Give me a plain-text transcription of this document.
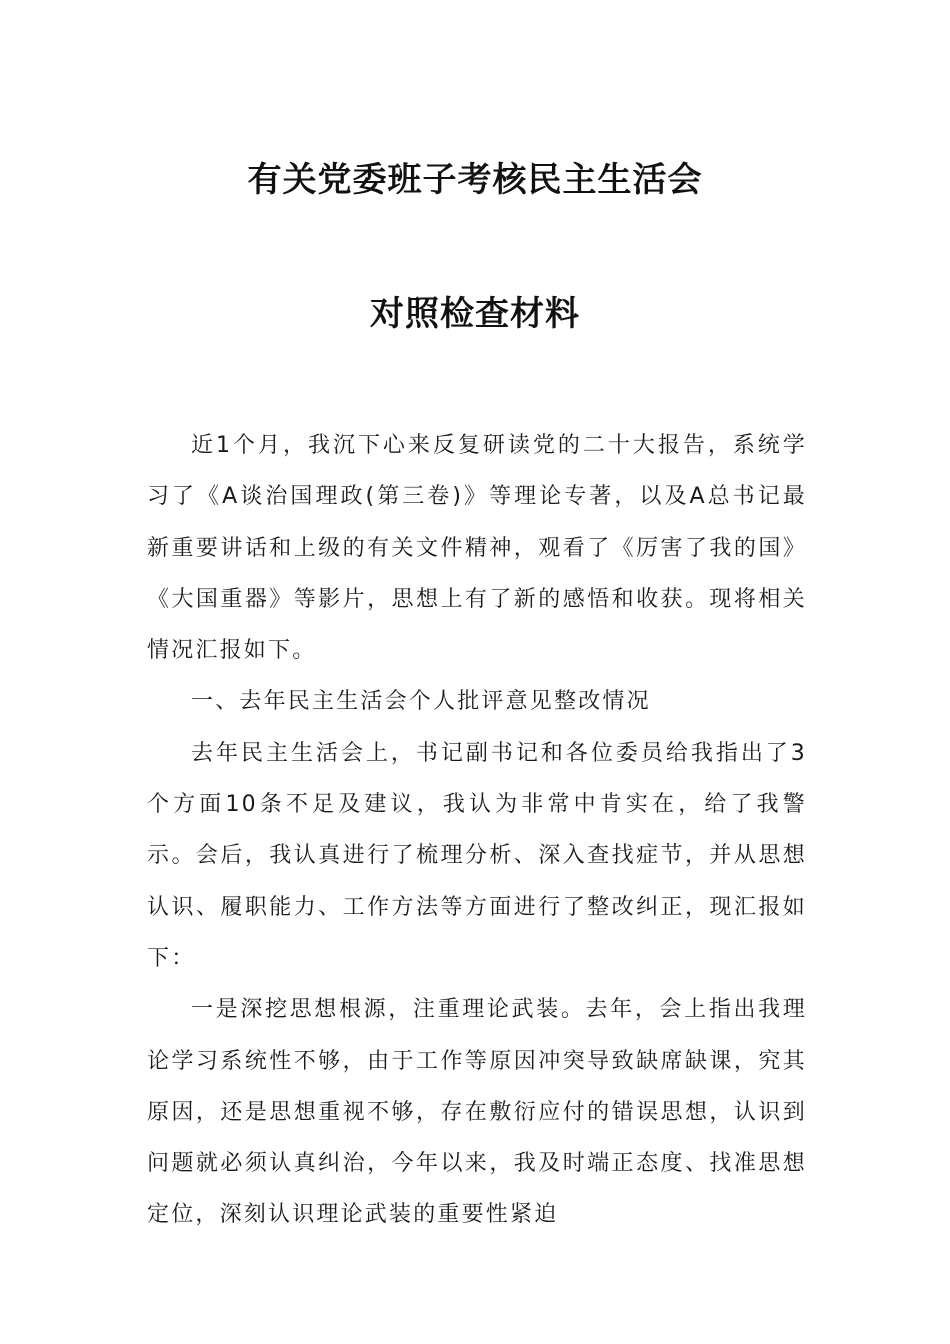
有关党委班子考核民主生活会
对照检查材料

近1个月，我沉下心来反复研读党的二十大报告，系统学习了《A谈治国理政(第三卷)》等理论专著，以及A总书记最新重要讲话和上级的有关文件精神，观看了《厉害了我的国》《大国重器》等影片，思想上有了新的感悟和收获。现将相关情况汇报如下。

一、去年民主生活会个人批评意见整改情况

去年民主生活会上，书记副书记和各位委员给我指出了3个方面10条不足及建议，我认为非常中肯实在，给了我警示。会后，我认真进行了梳理分析、深入查找症节，并从思想认识、履职能力、工作方法等方面进行了整改纠正，现汇报如下：

一是深挖思想根源，注重理论武装。去年，会上指出我理论学习系统性不够，由于工作等原因冲突导致缺席缺课，究其原因，还是思想重视不够，存在敷衍应付的错误思想，认识到问题就必须认真纠治，今年以来，我及时端正态度、找准思想定位，深刻认识理论武装的重要性紧迫
